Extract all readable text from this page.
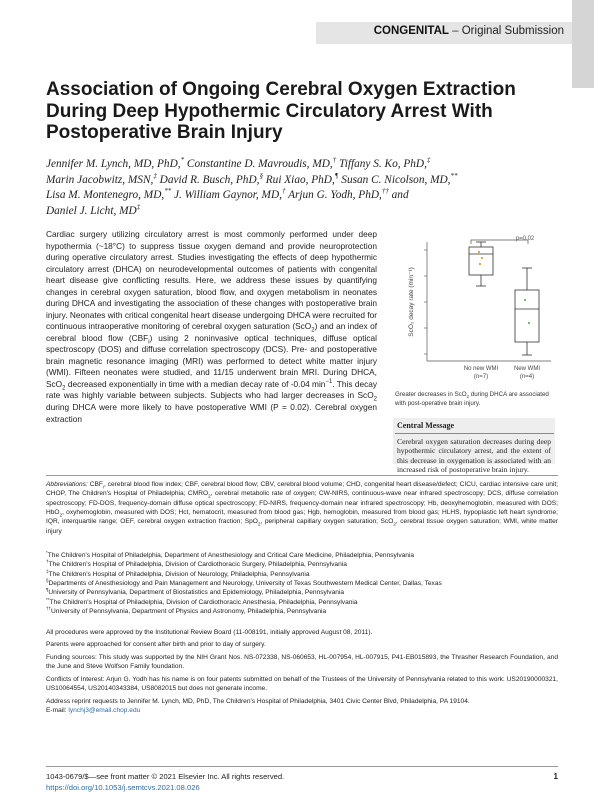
CONGENITAL – Original Submission
Association of Ongoing Cerebral Oxygen Extraction During Deep Hypothermic Circulatory Arrest With Postoperative Brain Injury
Jennifer M. Lynch, MD, PhD,* Constantine D. Mavroudis, MD,† Tiffany S. Ko, PhD,‡
Marin Jacobwitz, MSN,‡ David R. Busch, PhD,§ Rui Xiao, PhD,¶ Susan C. Nicolson, MD,**
Lisa M. Montenegro, MD,** J. William Gaynor, MD,† Arjun G. Yodh, PhD,†† and
Daniel J. Licht, MD‡

Cardiac surgery utilizing circulatory arrest is most commonly performed under deep hypothermia (~18°C) to suppress tissue oxygen demand and provide neuroprotection during operative circulatory arrest. Studies investigating the effects of deep hypothermic circulatory arrest (DHCA) on neurodevelopmental outcomes of patients with congenital heart disease give conflicting results. Here, we address these issues by quantifying changes in cerebral oxygen saturation, blood flow, and oxygen metabolism in neonates during DHCA and investigating the association of these changes with postoperative brain injury. Neonates with critical congenital heart disease undergoing DHCA were recruited for continuous intraoperative monitoring of cerebral oxygen saturation (ScO$_2$) and an index of cerebral blood flow $(CBF_i)$ using 2 noninvasive optical techniques, diffuse optical spectroscopy (DOS) and diffuse correlation spectroscopy (DCS). Pre- and postoperative brain magnetic resonance imaging (MRI) was performed to detect white matter injury (WMI). Fifteen neonates were studied, and 11/15 underwent brain MRI. During DHCA, ScO$_2$ decreased exponentially in time with a median decay rate of -0.04 $\min^{-1}$. This decay rate was highly variable between subjects. Subjects who had larger decreases in ScO$_2$ during DHCA were more likely to have postoperative WMI (P = 0.02). Cerebral oxygen extraction

p=0.02
ScO₂ decay rate (min⁻¹)
No new WMI
(n=7)
New WMI
(n=4)
Greater decreases in ScO$_2$ during DHCA are associated with post-operative brain injury.
Central Message
Cerebral oxygen saturation decreases during deep hypothermic circulatory arrest, and the extent of this decrease in oxygenation is associated with an increased risk of postoperative brain injury.

Abbreviations: $CBF_i$, cerebral blood flow index; CBF, cerebral blood flow; CBV, cerebral blood volume; CHD, congenital heart disease/defect; CICU, cardiac intensive care unit; CHOP, The Children's Hospital of Philadelphia; $CMRO_2$, cerebral metabolic rate of oxygen; CW-NIRS, continuous-wave near infrared spectroscopy; DCS, diffuse correlation spectroscopy; FD-DOS, frequency-domain diffuse optical spectroscopy; FD-NIRS, frequency-domain near infrared spectroscopy; Hb, deoxyhemoglobin, measured with DOS; HbO$_2$, oxyhemoglobin, measured with DOS; Hct, hematocrit, measured from blood gas; Hgb, hemoglobin, measured from blood gas; HLHS, hypoplastic left heart syndrome; IQR, interquartile range; OEF, cerebral oxygen extraction fraction; SpO$_2$, peripheral capillary oxygen saturation; ScO$_2$, cerebral tissue oxygen saturation; WMI, white matter injury

*The Children's Hospital of Philadelphia, Department of Anesthesiology and Critical Care Medicine, Philadelphia, Pennsylvania
†The Children's Hospital of Philadelphia, Division of Cardiothoracic Surgery, Philadelphia, Pennsylvania
‡The Children's Hospital of Philadelphia, Division of Neurology, Philadelphia, Pennsylvania
§Departments of Anesthesiology and Pain Management and Neurology, University of Texas Southwestern Medical Center, Dallas, Texas
¶University of Pennsylvania, Department of Biostatistics and Epidemiology, Philadelphia, Pennsylvania
**The Children's Hospital of Philadelphia, Division of Cardiothoracic Anesthesia, Philadelphia, Pennsylvania
††University of Pennsylvania, Department of Physics and Astronomy, Philadelphia, Pennsylvania

All procedures were approved by the Institutional Review Board (11-008191, initially approved August 08, 2011).

Parents were approached for consent after birth and prior to day of surgery.

Funding sources: This study was supported by the NIH Grant Nos. NS-072338, NS-060653, HL-007954, HL-007915, P41-EB015893, the Thrasher Research Foundation, and the June and Steve Wolfson Family foundation.

Conflicts of Interest: Arjun G. Yodh has his name is on four patents submitted on behalf of the Trustees of the University of Pennsylvania related to this work: US20190000321, US10064554, US20140343384, US8082015 but does not generate income.

Address reprint requests to Jennifer M. Lynch, MD, PhD, The Children's Hospital of Philadelphia, 3401 Civic Center Blvd, Philadelphia, PA 19104.
E-mail: lynchj3@email.chop.edu

1043-0679/$—see front matter © 2021 Elsevier Inc. All rights reserved.
https://doi.org/10.1053/j.semtcvs.2021.08.026
1
